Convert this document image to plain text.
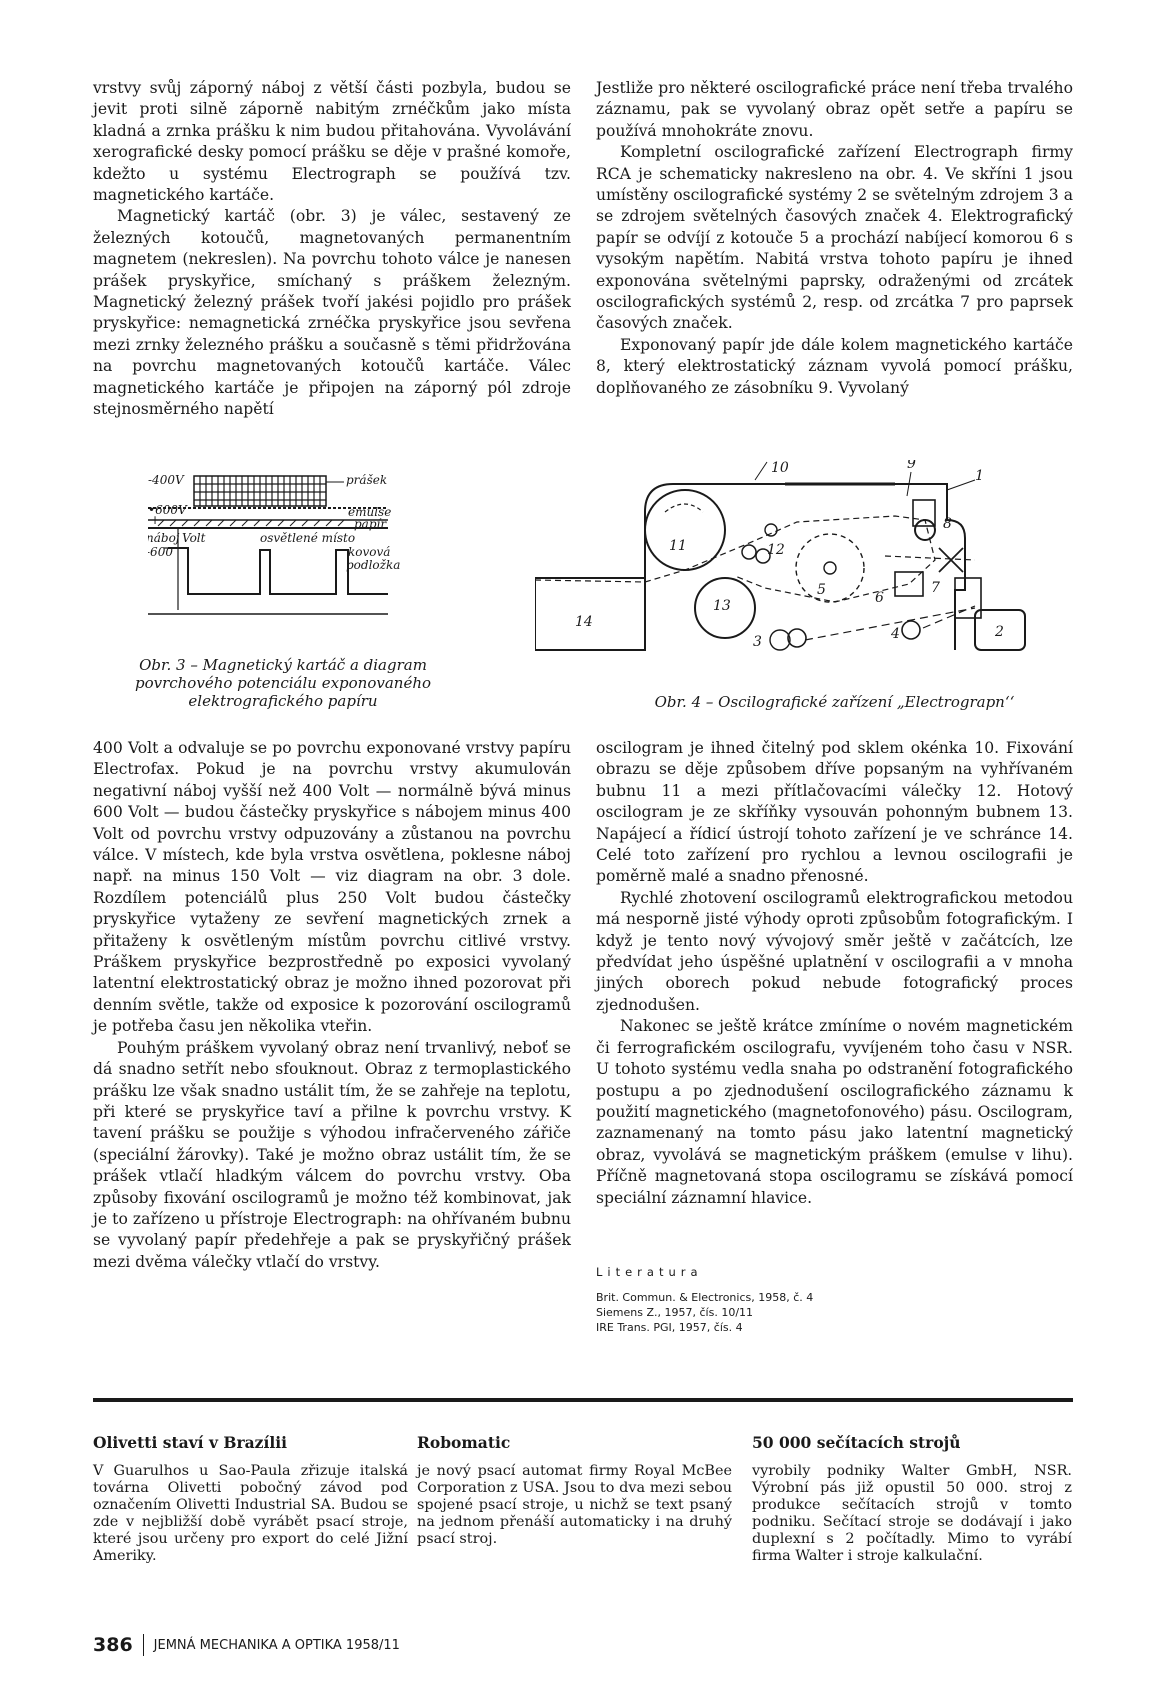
vrstvy svůj záporný náboj z větší části pozbyla, budou se jevit proti silně záporně nabitým zrnéčkům jako místa kladná a zrnka prášku k nim budou přitahována. Vyvolávání xerografické desky pomocí prášku se děje v prašné komoře, kdežto u systému Electrograph se používá tzv. magnetického kartáče.

Magnetický kartáč (obr. 3) je válec, sestavený ze železných kotoučů, magnetovaných permanentním magnetem (nekreslen). Na povrchu tohoto válce je nanesen prášek pryskyřice, smíchaný s práškem železným. Magnetický železný prášek tvoří jakési pojidlo pro prášek pryskyřice: nemagnetická zrnéčka pryskyřice jsou sevřena mezi zrnky železného prášku a současně s těmi přidržována na povrchu magnetovaných kotoučů kartáče. Válec magnetického kartáče je připojen na záporný pól zdroje stejnosměrného napětí

Jestliže pro některé oscilografické práce není třeba trvalého záznamu, pak se vyvolaný obraz opět setře a papíru se používá mnohokráte znovu.

Kompletní oscilografické zařízení Electrograph firmy RCA je schematicky nakresleno na obr. 4. Ve skříni 1 jsou umístěny oscilografické systémy 2 se světelným zdrojem 3 a se zdrojem světelných časových značek 4. Elektrografický papír se odvíjí z kotouče 5 a prochází nabíjecí komorou 6 s vysokým napětím. Nabitá vrstva tohoto papíru je ihned exponována světelnými paprsky, odraženými od zrcátek oscilografických systémů 2, resp. od zrcátka 7 pro paprsek časových značek.

Exponovaný papír jde dále kolem magnetického kartáče 8, který elektrostatický záznam vyvolá pomocí prášku, doplňovaného ze zásobníku 9. Vyvolaný

-400V	prášek
•600V
+
emulse
papír
náboj Volt	osvětlené místo
-600	kovová
podložka
Obr. 3 – Magnetický kartáč a diagram povrchového potenciálu exponovaného elektrografického papíru
10	9
1
8
11	12
5	6
7
13
14
3	4	2
Obr. 4 – Oscilografické zařízení „Electrograpn‘‘

400 Volt a odvaluje se po povrchu exponované vrstvy papíru Electrofax. Pokud je na povrchu vrstvy akumulován negativní náboj vyšší než 400 Volt — normálně bývá minus 600 Volt — budou částečky pryskyřice s nábojem minus 400 Volt od povrchu vrstvy odpuzovány a zůstanou na povrchu válce. V místech, kde byla vrstva osvětlena, poklesne náboj např. na minus 150 Volt — viz diagram na obr. 3 dole. Rozdílem potenciálů plus 250 Volt budou částečky pryskyřice vytaženy ze sevření magnetických zrnek a přitaženy k osvětleným místům povrchu citlivé vrstvy. Práškem pryskyřice bezprostředně po exposici vyvolaný latentní elektrostatický obraz je možno ihned pozorovat při denním světle, takže od exposice k pozorování oscilogramů je potřeba času jen několika vteřin.

Pouhým práškem vyvolaný obraz není trvanlivý, neboť se dá snadno setřít nebo sfouknout. Obraz z termoplastického prášku lze však snadno ustálit tím, že se zahřeje na teplotu, při které se pryskyřice taví a přilne k povrchu vrstvy. K tavení prášku se použije s výhodou infračerveného zářiče (speciální žárovky). Také je možno obraz ustálit tím, že se prášek vtlačí hladkým válcem do povrchu vrstvy. Oba způsoby fixování oscilogramů je možno též kombinovat, jak je to zařízeno u přístroje Electrograph: na ohřívaném bubnu se vyvolaný papír předehřeje a pak se pryskyřičný prášek mezi dvěma válečky vtlačí do vrstvy.

oscilogram je ihned čitelný pod sklem okénka 10. Fixování obrazu se děje způsobem dříve popsaným na vyhřívaném bubnu 11 a mezi přítlačovacími válečky 12. Hotový oscilogram je ze skříňky vysouván pohonným bubnem 13. Napájecí a řídicí ústrojí tohoto zařízení je ve schránce 14. Celé toto zařízení pro rychlou a levnou oscilografii je poměrně malé a snadno přenosné.

Rychlé zhotovení oscilogramů elektrografickou metodou má nesporně jisté výhody oproti způsobům fotografickým. I když je tento nový vývojový směr ještě v začátcích, lze předvídat jeho úspěšné uplatnění v oscilografii a v mnoha jiných oborech pokud nebude fotografický proces zjednodušen.

Nakonec se ještě krátce zmíníme o novém magnetickém či ferrografickém oscilografu, vyvíjeném toho času v NSR. U tohoto systému vedla snaha po odstranění fotografického postupu a po zjednodušení oscilografického záznamu k použití magnetického (magnetofonového) pásu. Oscilogram, zaznamenaný na tomto pásu jako latentní magnetický obraz, vyvolává se magnetickým práškem (emulse v lihu). Příčně magnetovaná stopa oscilogramu se získává pomocí speciální záznamní hlavice.

Literatura
Brit. Commun. & Electronics, 1958, č. 4
Siemens Z., 1957, čís. 10/11
IRE Trans. PGI, 1957, čís. 4
Olivetti staví v Brazílii

V Guarulhos u Sao-Paula zřizuje italská továrna Olivetti pobočný závod pod označením Olivetti Industrial SA. Budou se zde v nejbližší době vyrábět psací stroje, které jsou určeny pro export do celé Jižní Ameriky.

Robomatic

je nový psací automat firmy Royal McBee Corporation z USA. Jsou to dva mezi sebou spojené psací stroje, u nichž se text psaný na jednom přenáší automaticky i na druhý psací stroj.

50 000 sečítacích strojů

vyrobily podniky Walter GmbH, NSR. Výrobní pás již opustil 50 000. stroj z produkce sečítacích strojů v tomto podniku. Sečítací stroje se dodávají i jako duplexní s 2 počítadly. Mimo to vyrábí firma Walter i stroje kalkulační.

386 JEMNÁ MECHANIKA A OPTIKA 1958/11
